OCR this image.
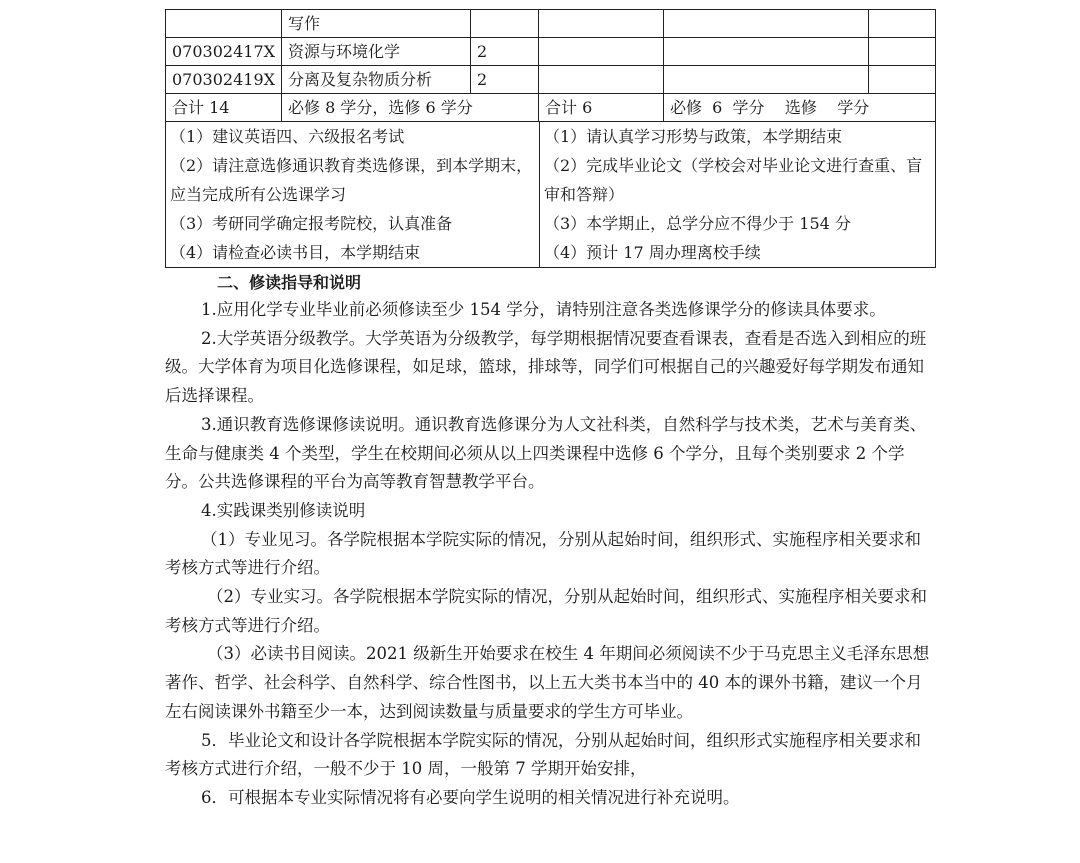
	写作				
070302417X	资源与环境化学	2			
070302419X	分离及复杂物质分析	2			
合计 14	必修 8 学分，选修 6 学分		合计 6	必修  6  学分    选修    学分	
（1）建议英语四、六级报名考试
（2）请注意选修通识教育类选修课，到本学期末，应当完成所有公选课学习
（3）考研同学确定报考院校，认真准备
（4）请检查必读书目，本学期结束

（1）请认真学习形势与政策，本学期结束
（2）完成毕业论文（学校会对毕业论文进行查重、盲审和答辩）
（3）本学期止，总学分应不得少于 154 分
（4）预计 17 周办理离校手续
二、修读指导和说明

1.应用化学专业毕业前必须修读至少 154 学分，请特别注意各类选修课学分的修读具体要求。

2.大学英语分级教学。大学英语为分级教学，每学期根据情况要查看课表，查看是否选入到相应的班级。大学体育为项目化选修课程，如足球，篮球，排球等，同学们可根据自己的兴趣爱好每学期发布通知后选择课程。

3.通识教育选修课修读说明。通识教育选修课分为人文社科类，自然科学与技术类，艺术与美育类、生命与健康类 4 个类型，学生在校期间必须从以上四类课程中选修 6 个学分，且每个类别要求 2 个学分。公共选修课程的平台为高等教育智慧教学平台。

4.实践课类别修读说明

（1）专业见习。各学院根据本学院实际的情况，分别从起始时间，组织形式、实施程序相关要求和考核方式等进行介绍。

（2）专业实习。各学院根据本学院实际的情况，分别从起始时间，组织形式、实施程序相关要求和考核方式等进行介绍。

（3）必读书目阅读。2021 级新生开始要求在校生 4 年期间必须阅读不少于马克思主义毛泽东思想著作、哲学、社会科学、自然科学、综合性图书，以上五大类书本当中的 40 本的课外书籍，建议一个月左右阅读课外书籍至少一本，达到阅读数量与质量要求的学生方可毕业。

5．毕业论文和设计各学院根据本学院实际的情况，分别从起始时间，组织形式实施程序相关要求和考核方式进行介绍，一般不少于 10 周，一般第 7 学期开始安排，

6．可根据本专业实际情况将有必要向学生说明的相关情况进行补充说明。
